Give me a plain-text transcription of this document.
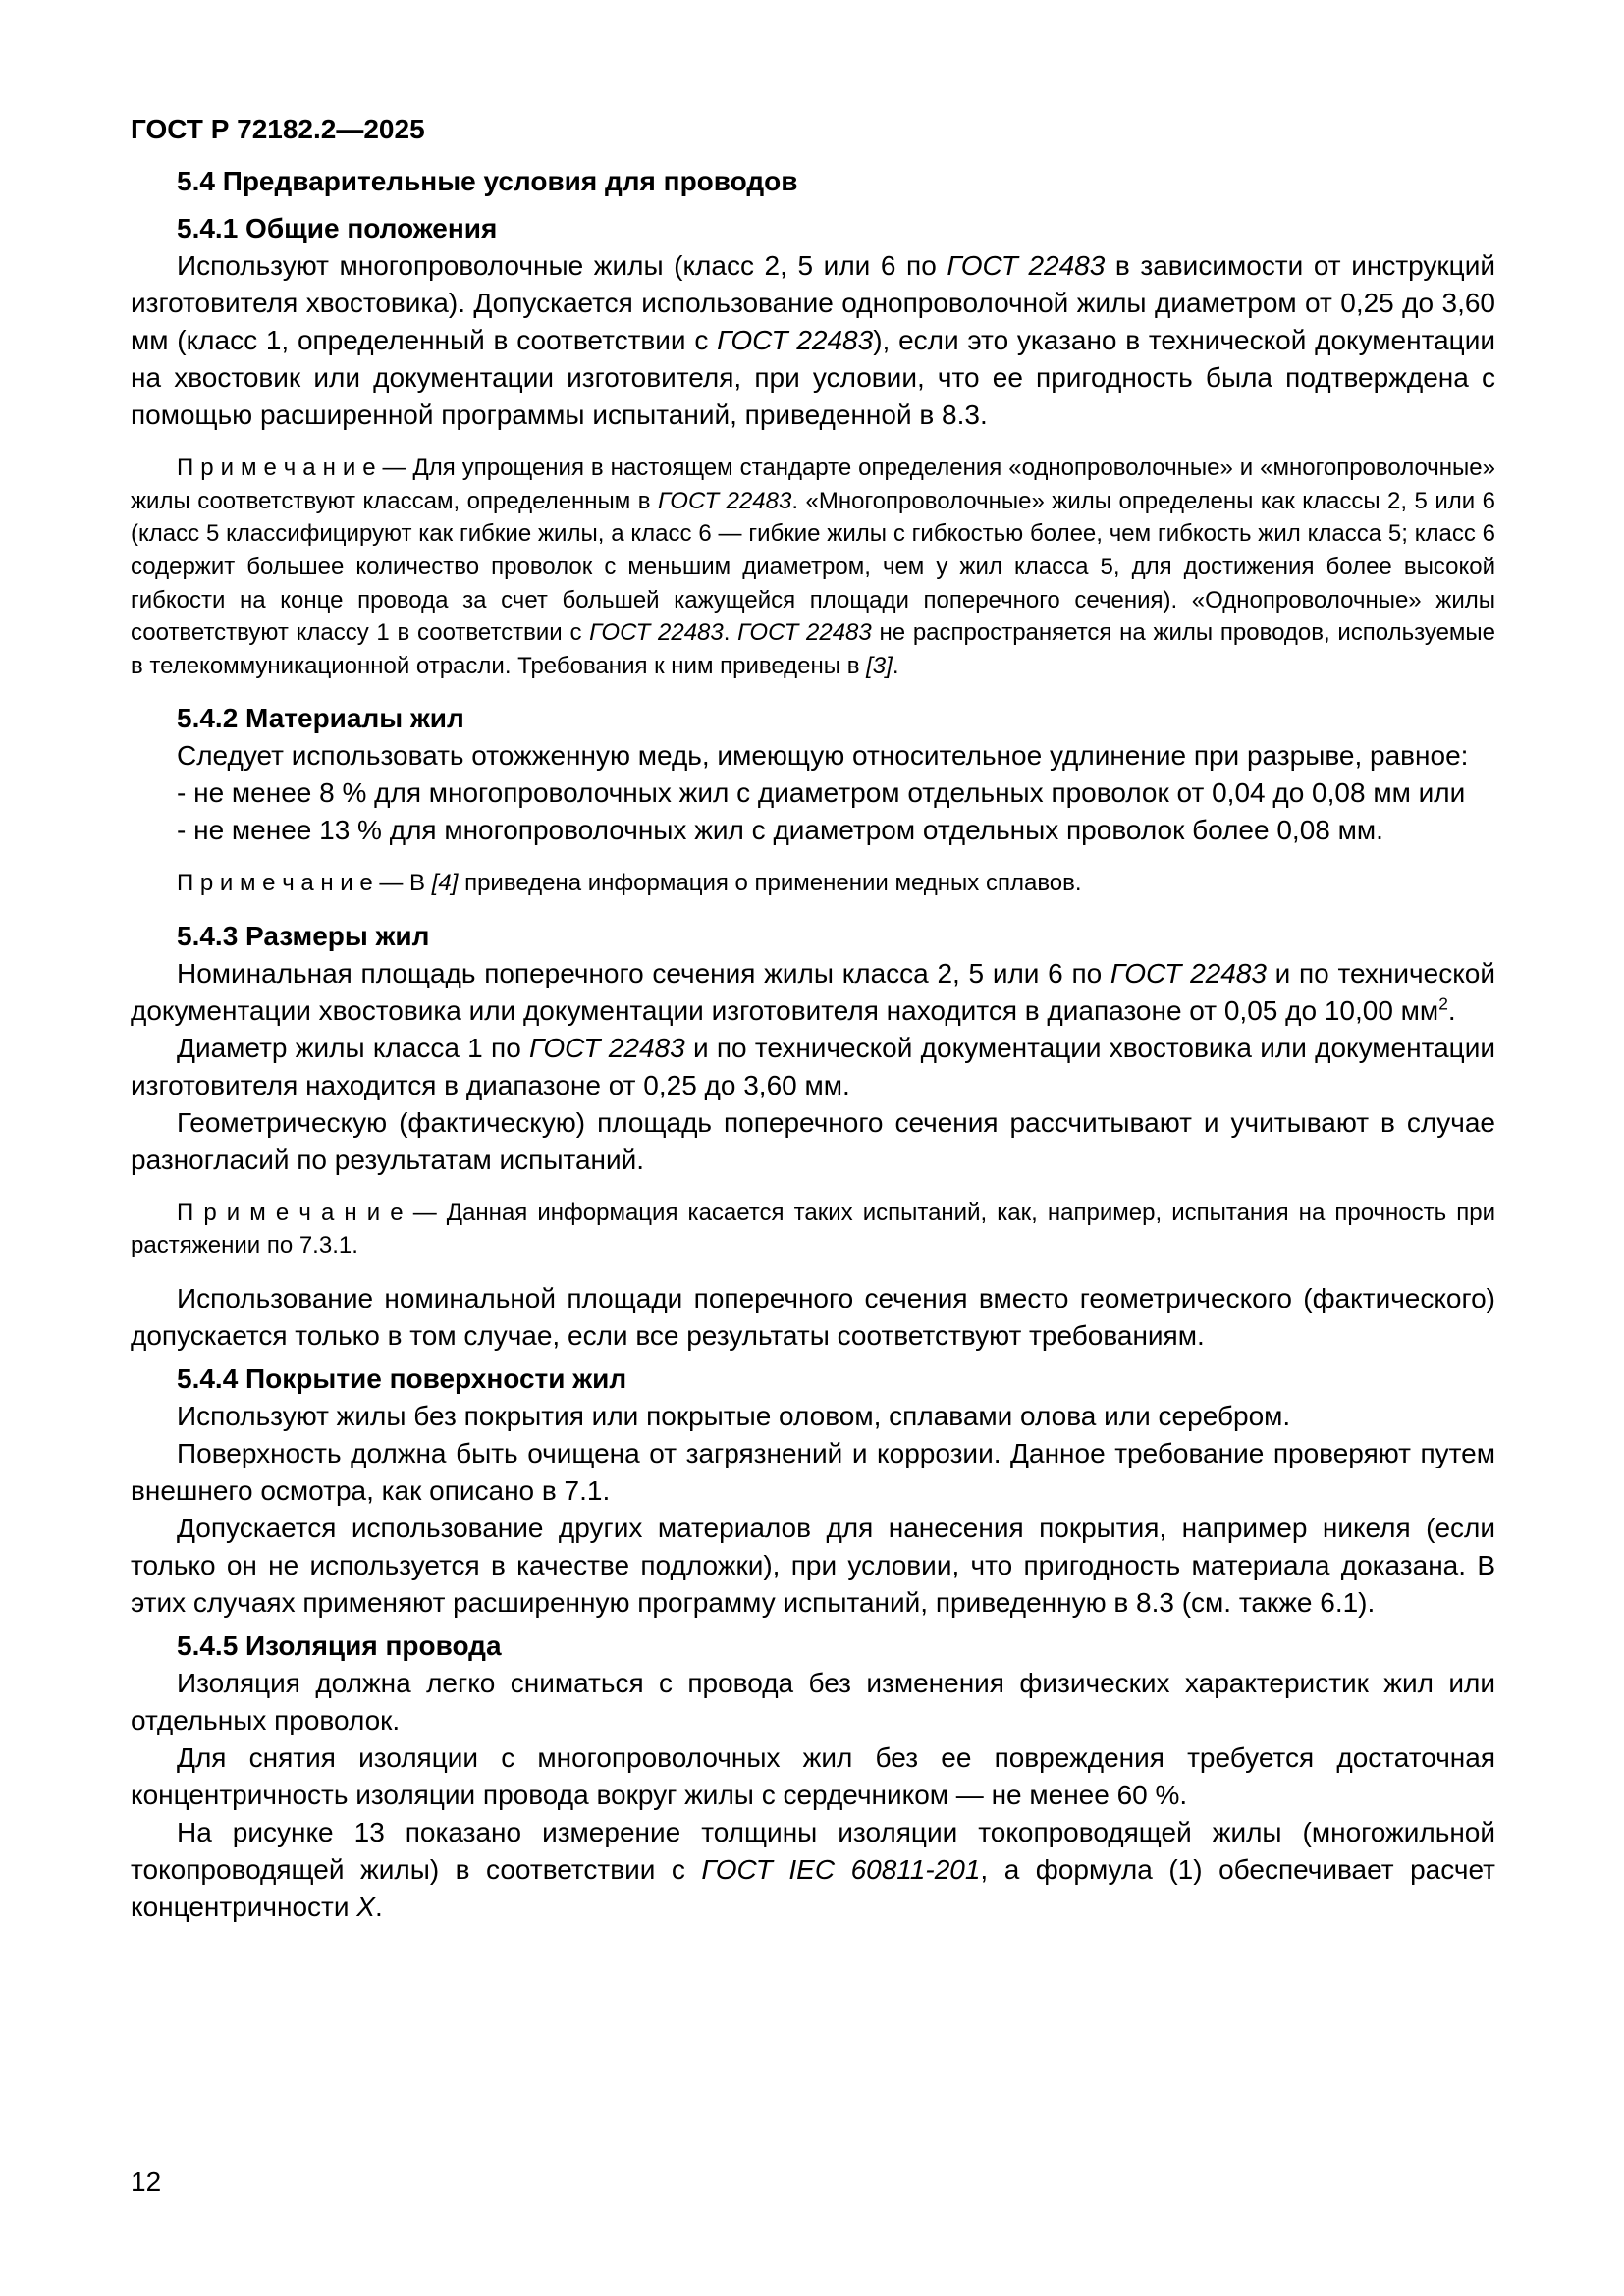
ГОСТ Р 72182.2—2025
5.4 Предварительные условия для проводов
5.4.1 Общие положения

Используют многопроволочные жилы (класс 2, 5 или 6 по ГОСТ 22483 в зависимости от инструкций изготовителя хвостовика). Допускается использование однопроволочной жилы диаметром от 0,25 до 3,60 мм (класс 1, определенный в соответствии с ГОСТ 22483), если это указано в технической документации на хвостовик или документации изготовителя, при условии, что ее пригодность была подтверждена с помощью расширенной программы испытаний, приведенной в 8.3.

П р и м е ч а н и е — Для упрощения в настоящем стандарте определения «однопроволочные» и «многопроволочные» жилы соответствуют классам, определенным в ГОСТ 22483. «Многопроволочные» жилы определены как классы 2, 5 или 6 (класс 5 классифицируют как гибкие жилы, а класс 6 — гибкие жилы с гибкостью более, чем гибкость жил класса 5; класс 6 содержит большее количество проволок с меньшим диаметром, чем у жил класса 5, для достижения более высокой гибкости на конце провода за счет большей кажущейся площади поперечного сечения). «Однопроволочные» жилы соответствуют классу 1 в соответствии с ГОСТ 22483. ГОСТ 22483 не распространяется на жилы проводов, используемые в телекоммуникационной отрасли. Требования к ним приведены в [3].

5.4.2 Материалы жил

Следует использовать отожженную медь, имеющую относительное удлинение при разрыве, равное:

- не менее 8 % для многопроволочных жил с диаметром отдельных проволок от 0,04 до 0,08 мм или

- не менее 13 % для многопроволочных жил с диаметром отдельных проволок более 0,08 мм.

П р и м е ч а н и е — В [4] приведена информация о применении медных сплавов.

5.4.3 Размеры жил

Номинальная площадь поперечного сечения жилы класса 2, 5 или 6 по ГОСТ 22483 и по технической документации хвостовика или документации изготовителя находится в диапазоне от 0,05 до 10,00 $мм^2$.

Диаметр жилы класса 1 по ГОСТ 22483 и по технической документации хвостовика или документации изготовителя находится в диапазоне от 0,25 до 3,60 мм.

Геометрическую (фактическую) площадь поперечного сечения рассчитывают и учитывают в случае разногласий по результатам испытаний.

П р и м е ч а н и е — Данная информация касается таких испытаний, как, например, испытания на прочность при растяжении по 7.3.1.

Использование номинальной площади поперечного сечения вместо геометрического (фактического) допускается только в том случае, если все результаты соответствуют требованиям.

5.4.4 Покрытие поверхности жил

Используют жилы без покрытия или покрытые оловом, сплавами олова или серебром.

Поверхность должна быть очищена от загрязнений и коррозии. Данное требование проверяют путем внешнего осмотра, как описано в 7.1.

Допускается использование других материалов для нанесения покрытия, например никеля (если только он не используется в качестве подложки), при условии, что пригодность материала доказана. В этих случаях применяют расширенную программу испытаний, приведенную в 8.3 (см. также 6.1).

5.4.5 Изоляция провода

Изоляция должна легко сниматься с провода без изменения физических характеристик жил или отдельных проволок.

Для снятия изоляции с многопроволочных жил без ее повреждения требуется достаточная концентричность изоляции провода вокруг жилы с сердечником — не менее 60 %.

На рисунке 13 показано измерение толщины изоляции токопроводящей жилы (многожильной токопроводящей жилы) в соответствии с ГОСТ IEC 60811-201, а формула (1) обеспечивает расчет концентричности X.

12
